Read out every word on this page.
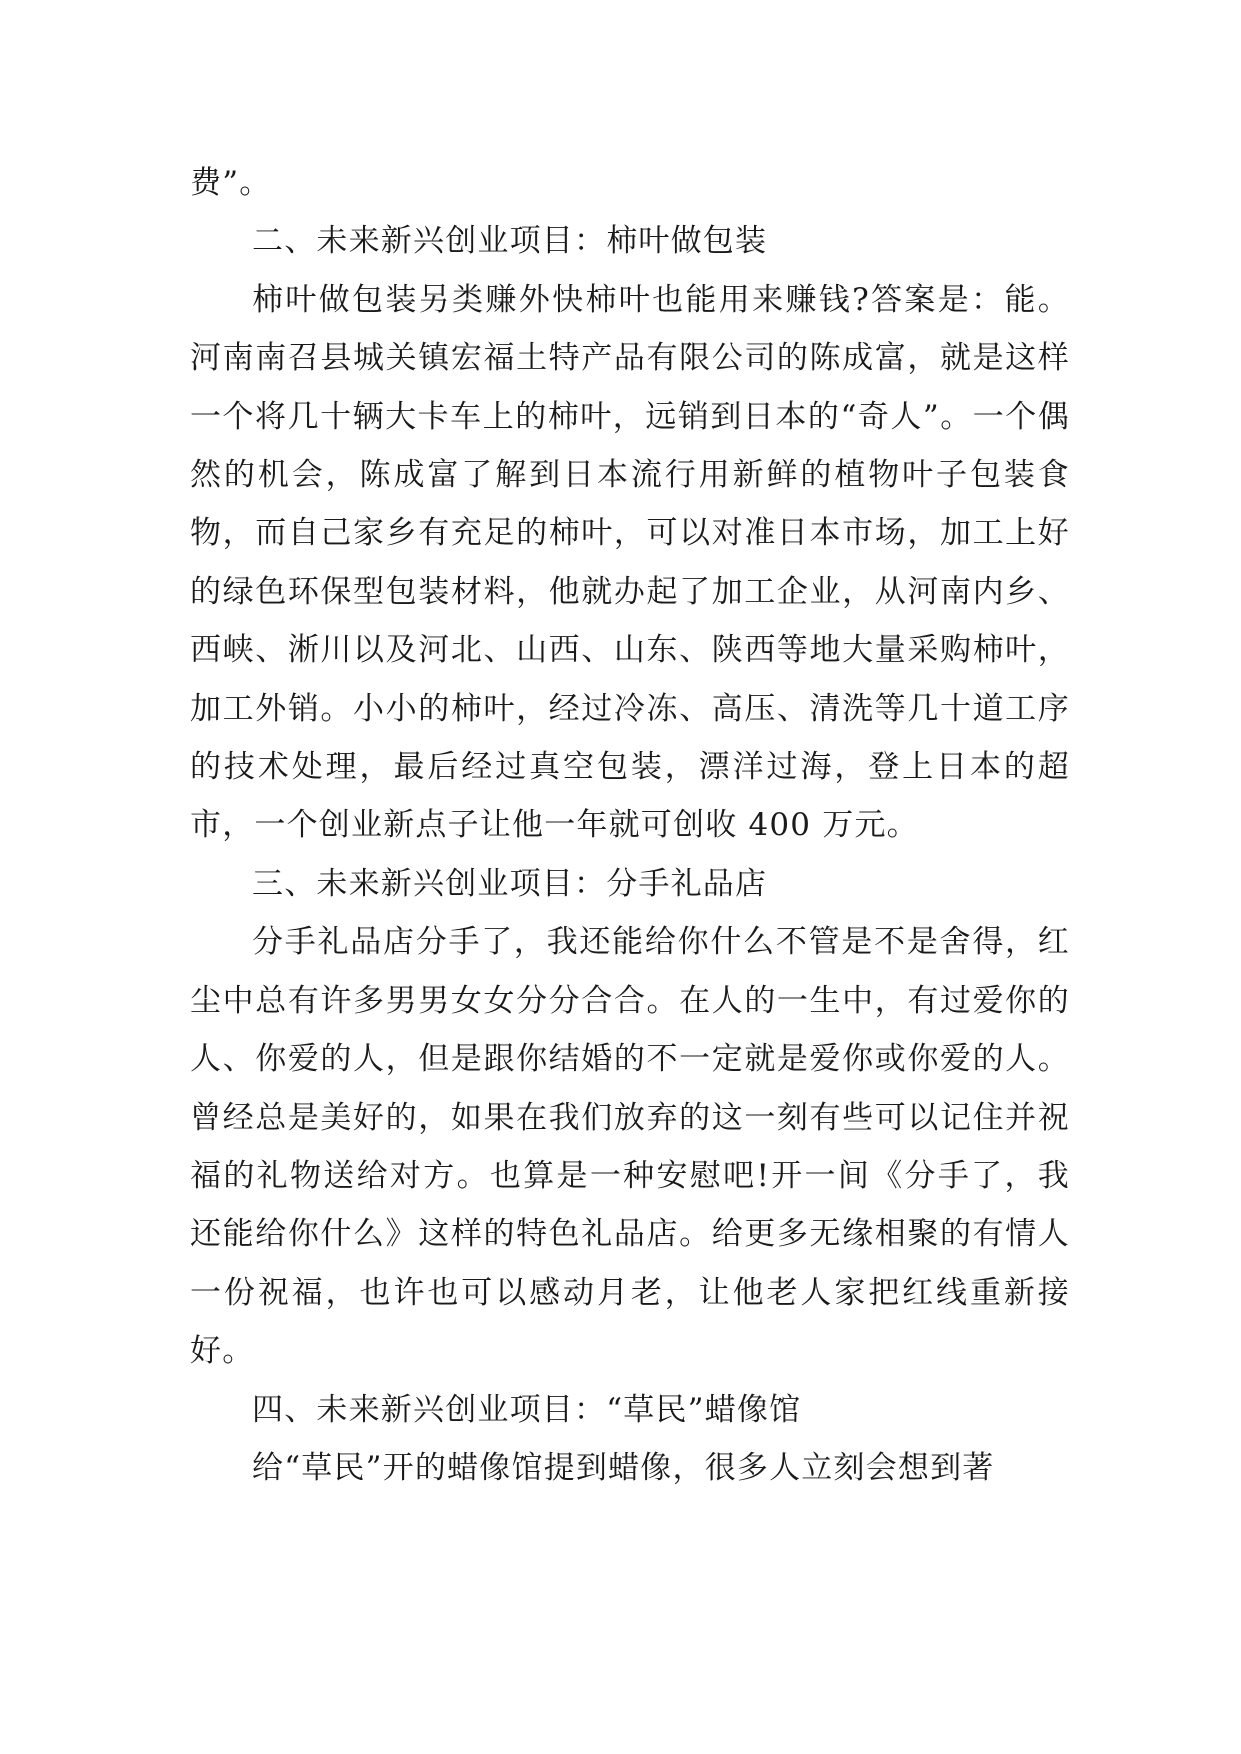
费”。

二、未来新兴创业项目：柿叶做包装

柿叶做包装另类赚外快柿叶也能用来赚钱?答案是：能。河南南召县城关镇宏福土特产品有限公司的陈成富，就是这样一个将几十辆大卡车上的柿叶，远销到日本的“奇人”。一个偶然的机会，陈成富了解到日本流行用新鲜的植物叶子包装食物，而自己家乡有充足的柿叶，可以对准日本市场，加工上好的绿色环保型包装材料，他就办起了加工企业，从河南内乡、西峡、淅川以及河北、山西、山东、陕西等地大量采购柿叶，加工外销。小小的柿叶，经过冷冻、高压、清洗等几十道工序的技术处理，最后经过真空包装，漂洋过海，登上日本的超市，一个创业新点子让他一年就可创收 400 万元。

三、未来新兴创业项目：分手礼品店

分手礼品店分手了，我还能给你什么不管是不是舍得，红尘中总有许多男男女女分分合合。在人的一生中，有过爱你的人、你爱的人，但是跟你结婚的不一定就是爱你或你爱的人。曾经总是美好的，如果在我们放弃的这一刻有些可以记住并祝福的礼物送给对方。也算是一种安慰吧!开一间《分手了，我还能给你什么》这样的特色礼品店。给更多无缘相聚的有情人一份祝福，也许也可以感动月老，让他老人家把红线重新接好。

四、未来新兴创业项目：“草民”蜡像馆

给“草民”开的蜡像馆提到蜡像，很多人立刻会想到著
